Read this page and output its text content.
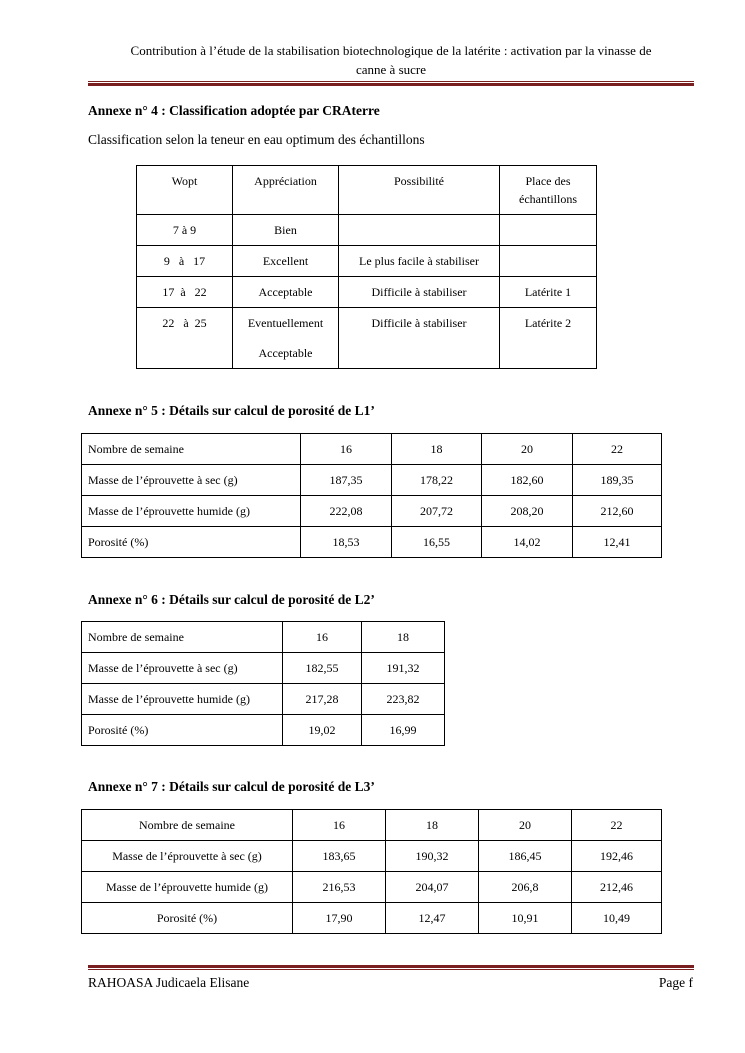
Contribution à l’étude de la stabilisation biotechnologique de la latérite : activation par la vinasse de
canne à sucre
Annexe n° 4 : Classification adoptée par CRAterre
Classification selon la teneur en eau optimum des échantillons
Wopt	Appréciation	Possibilité	Place des
échantillons

7 à 9	Bien		
9   à   17	Excellent	Le plus facile à stabiliser	
17  à   22	Acceptable	Difficile à stabiliser	Latérite 1
22   à  25	Eventuellement
Acceptable	Difficile à stabiliser	Latérite 2
Annexe n° 5 : Détails sur calcul de porosité de L1’
Nombre de semaine	16	18	20	22
Masse de l’éprouvette à sec (g)	187,35	178,22	182,60	189,35
Masse de l’éprouvette humide (g)	222,08	207,72	208,20	212,60
Porosité (%)	18,53	16,55	14,02	12,41
Annexe n° 6 : Détails sur calcul de porosité de L2’
Nombre de semaine	16	18
Masse de l’éprouvette à sec (g)	182,55	191,32
Masse de l’éprouvette humide (g)	217,28	223,82
Porosité (%)	19,02	16,99
Annexe n° 7 : Détails sur calcul de porosité de L3’
Nombre de semaine	16	18	20	22
Masse de l’éprouvette à sec (g)	183,65	190,32	186,45	192,46
Masse de l’éprouvette humide (g)	216,53	204,07	206,8	212,46
Porosité (%)	17,90	12,47	10,91	10,49
RAHOASA Judicaela Elisane	Page f
